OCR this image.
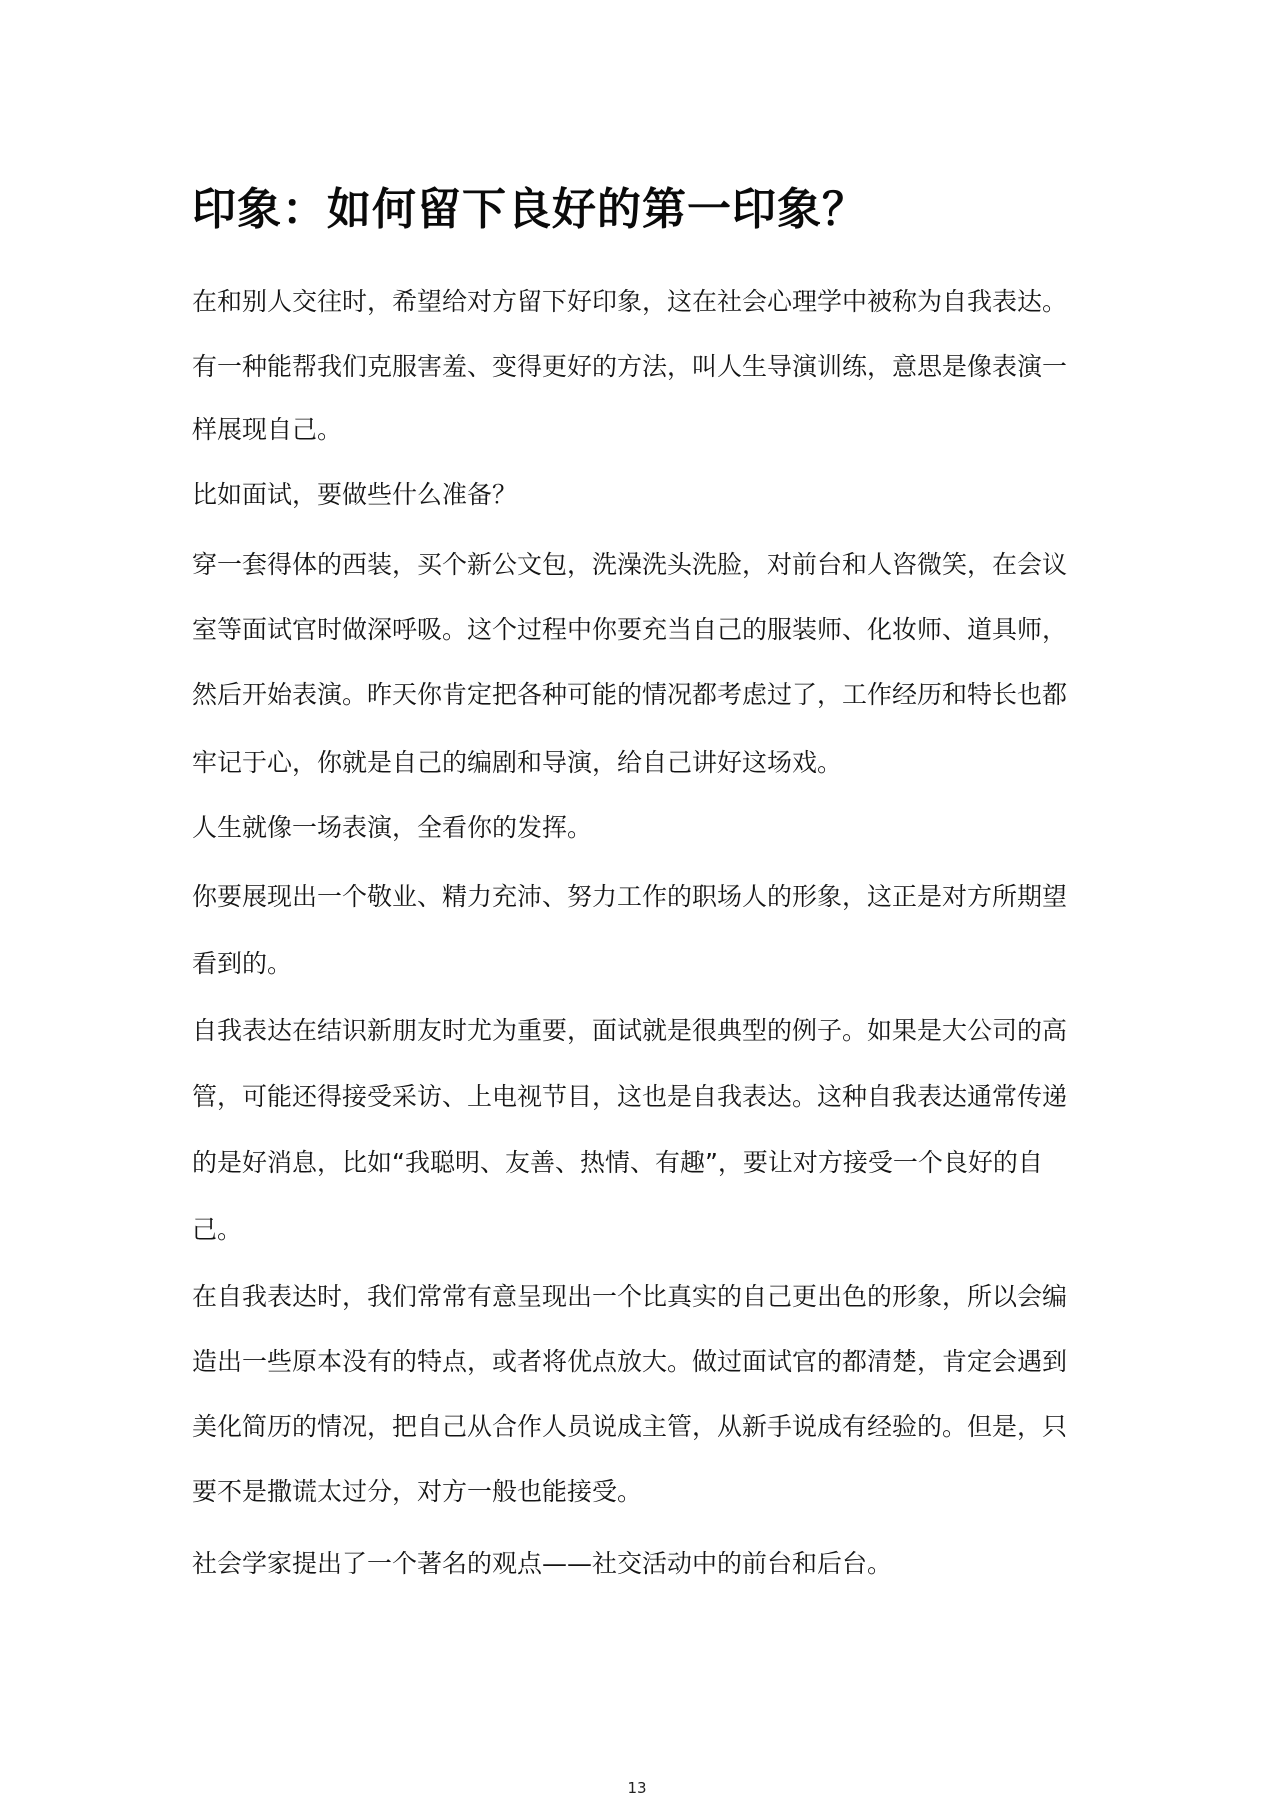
印象：如何留下良好的第一印象？

在和别人交往时，希望给对方留下好印象，这在社会心理学中被称为自我表达。

有一种能帮我们克服害羞、变得更好的方法，叫人生导演训练，意思是像表演一

样展现自己。

比如面试，要做些什么准备？

穿一套得体的西装，买个新公文包，洗澡洗头洗脸，对前台和人咨微笑，在会议

室等面试官时做深呼吸。这个过程中你要充当自己的服装师、化妆师、道具师，

然后开始表演。昨天你肯定把各种可能的情况都考虑过了，工作经历和特长也都

牢记于心，你就是自己的编剧和导演，给自己讲好这场戏。

人生就像一场表演，全看你的发挥。

你要展现出一个敬业、精力充沛、努力工作的职场人的形象，这正是对方所期望

看到的。

自我表达在结识新朋友时尤为重要，面试就是很典型的例子。如果是大公司的高

管，可能还得接受采访、上电视节目，这也是自我表达。这种自我表达通常传递

的是好消息，比如“我聪明、友善、热情、有趣”，要让对方接受一个良好的自

己。

在自我表达时，我们常常有意呈现出一个比真实的自己更出色的形象，所以会编

造出一些原本没有的特点，或者将优点放大。做过面试官的都清楚，肯定会遇到

美化简历的情况，把自己从合作人员说成主管，从新手说成有经验的。但是，只

要不是撒谎太过分，对方一般也能接受。

社会学家提出了一个著名的观点——社交活动中的前台和后台。

13
